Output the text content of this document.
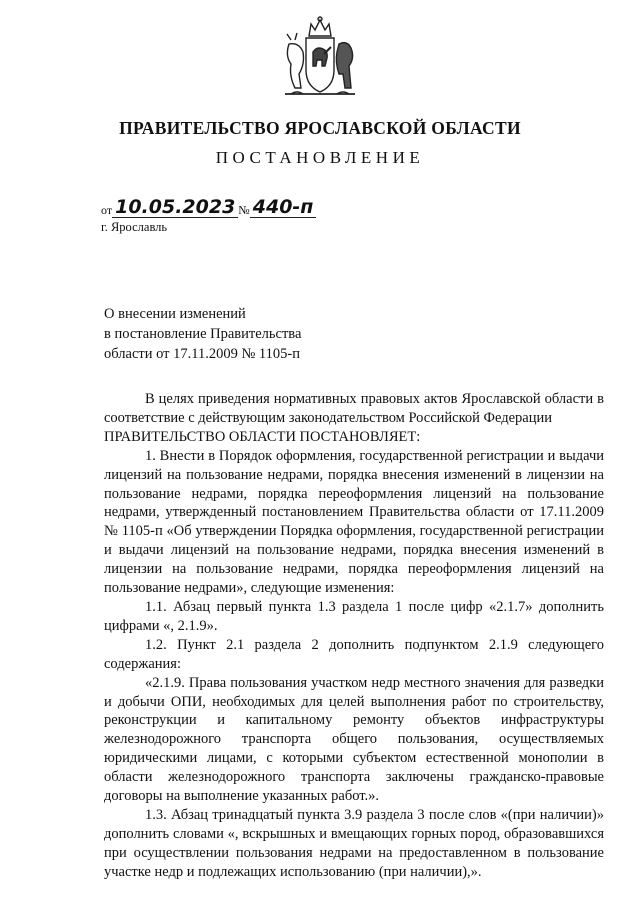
ПРАВИТЕЛЬСТВО ЯРОСЛАВСКОЙ ОБЛАСТИ
ПОСТАНОВЛЕНИЕ
от 10.05.2023 № 440-п
г. Ярославль
О внесении изменений
в постановление Правительства
области от 17.11.2009 № 1105-п

В целях приведения нормативных правовых актов Ярославской области в соответствие с действующим законодательством Российской Федерации

ПРАВИТЕЛЬСТВО ОБЛАСТИ ПОСТАНОВЛЯЕТ:

1. Внести в Порядок оформления, государственной регистрации и выдачи лицензий на пользование недрами, порядка внесения изменений в лицензии на пользование недрами, порядка переоформления лицензий на пользование недрами, утвержденный постановлением Правительства области от 17.11.2009 № 1105-п «Об утверждении Порядка оформления, государственной регистрации и выдачи лицензий на пользование недрами, порядка внесения изменений в лицензии на пользование недрами, порядка переоформления лицензий на пользование недрами», следующие изменения:

1.1. Абзац первый пункта 1.3 раздела 1 после цифр «2.1.7» дополнить цифрами «, 2.1.9».

1.2. Пункт 2.1 раздела 2 дополнить подпунктом 2.1.9 следующего содержания:

«2.1.9. Права пользования участком недр местного значения для разведки и добычи ОПИ, необходимых для целей выполнения работ по строительству, реконструкции и капитальному ремонту объектов инфраструктуры железнодорожного транспорта общего пользования, осуществляемых юридическими лицами, с которыми субъектом естественной монополии в области железнодорожного транспорта заключены гражданско-правовые договоры на выполнение указанных работ.».

1.3. Абзац тринадцатый пункта 3.9 раздела 3 после слов «(при наличии)» дополнить словами «, вскрышных и вмещающих горных пород, образовавшихся при осуществлении пользования недрами на предоставленном в пользование участке недр и подлежащих использованию (при наличии),».
